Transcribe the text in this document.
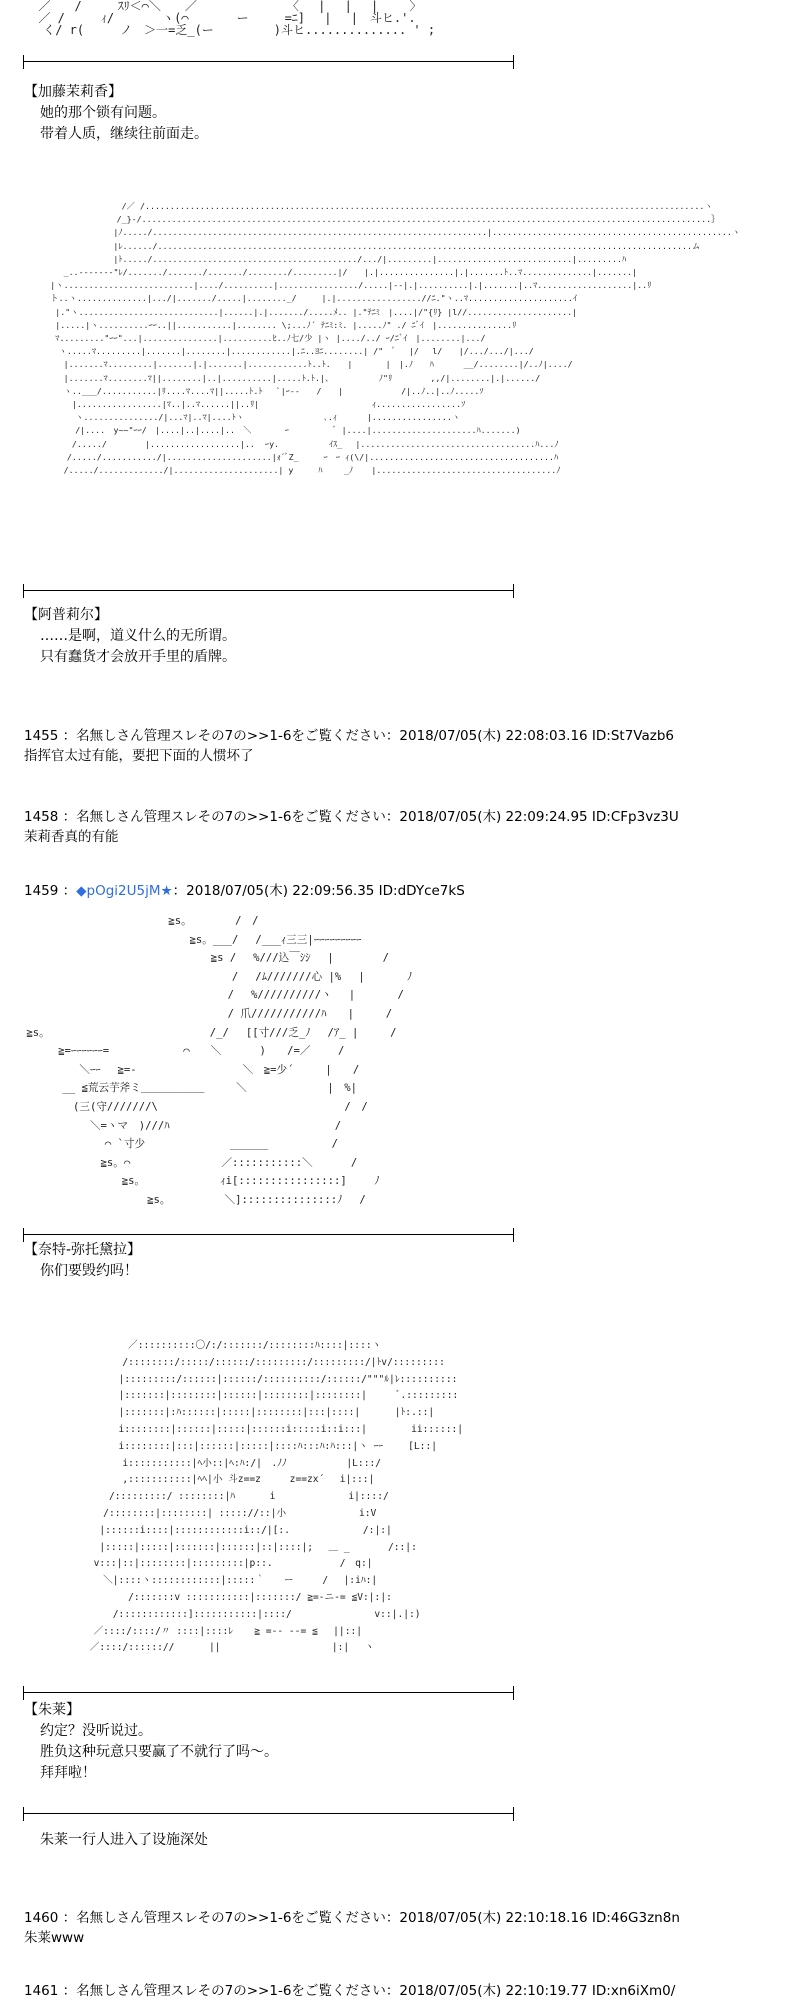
／　　/　　　ｽﾘ＜⌒＼　　／　　　　　　　　〈　 |　 |　 |　　 〉
／ /　　　ｨ/　　　　ヽ(⌒　　　　ー　　　=ﾆ] 　|　 |　斗ヒ.'.
　 く/ r(　　　ノ　＞一=乏_(ー　　　　　)斗ヒ.............. ' ;
【加藤茉莉香】
她的那个锁有问题。
带着人质，继续往前面走。
　　　　　　　　　 /／ /................................................................................................................ヽ
　　　　　　　　　/_}-/..................................................................................................................｝
　　　　　　　　 |ﾉ...../...................................................................|................................................ヽ
　　　　　　　　 |ﾚ....../...........................................................................................................ム
　　　　　　　　 |ﾄ...../........................................./.../|.........|...........................|.........ﾊ
　　 _..-----‐‐"ﾚ/......./......./......./......../.........|/　　|.|...............|.|.......ﾄ..ﾏ..............|.......|
　|ヽ..........................|..../..........|................/.....|‐‐|.|..........|.|.......|..ﾏ...................|..ﾘ
　ト..ヽ..............|.../|......./.....|........_/　　　|.|.................//ﾆ."ヽ..ﾏ.....................ｲ
　 |."ヽ............................|......|.|......./.....ﾒ.. |."ﾃﾆﾐ　|....|/"{ﾘ} |l//.....................|
　 |.....|ヽ..........ｰｰ..||...........|........ \;...ﾉ´ ﾃﾆﾐ:ﾐ. |.....ﾉ" ./ ﾆﾞｲ　|...............ﾘ
　 ﾏ........."ｰｰ"...|...............|..........ﾋ..ﾉ七/少 |ヽ |..../../ ｰ/ﾆﾞｲ　|........|.../
　　ヽ.....ﾏ.........|.......|........|............|.ﾆ..ﾖﾆ........| /"　ﾞ　 |/　 l/　　|/.../.../|.../
　　 |.......ﾏ.........|.......|.|.......|............ﾄ..ﾄ.　　|　　　　|　|.ﾉ　　ﾊ　　 　__/........|/..ﾉ|..../
　　 |.......ﾏ........ﾏ||........|..|..........|.....ﾄ.ﾄ.|、　　　　　　ﾉ"ﾘ　　　　 ,,/|........|.|....../
　　 ヽ..___/...........|ﾘ....ﾏ....ﾏ||.....ﾄ.ﾄ　 `|ｰ‐‐　　/　　|　　　　　　　/|..ﾉ..|..ﾉ.....ｿ
　　　 |.................|ﾏ..|..ﾏ......||..ﾘ|　　　　　　　　　　　　　 ｨ.................ｿ
　　　　ヽ.............../|...ﾏ|..ﾏ|....ﾄヽ　　　　　　　　　 ､.ｨ　　　 |................ヽ
　　　　/|....　y~~"ｰｰ/　|....|..|....|..　＼　　　　ｰ　　　　　 ﾞ |....|.....................ﾊ.......)
　　　 /...../　　　　 |..................|..  ｰy.　　　　　　ｲｽ_　 |...................................ﾊ...ﾉ
　　　/...../.........../|.....................|ｫ´ﾞZ_　　　ｰ　ｰ ｨ(\/|.....................................ﾊ
　　 /...../............./|.....................| y　　　ﾊ　　 _ﾉ 　 |....................................ﾉ
【阿普莉尔】
……是啊，道义什么的无所谓。
只有蠢货才会放开手里的盾牌。
1455 ：名無しさん管理スレその7の>>1-6をご覧ください：2018/07/05(木) 22:08:03.16 ID:St7Vazb6
指挥官太过有能，要把下面的人惯坏了
1458 ：名無しさん管理スレその7の>>1-6をご覧ください：2018/07/05(木) 22:09:24.95 ID:CFp3vz3U
茉莉香真的有能
1459 ：◆pOgi2U5jM★：2018/07/05(木) 22:09:56.35 ID:dDYce7kS
　　　　　　　　　　　　　　≧s。　　　　 /　/
　　　　　　　　　　　　　　　　≧s。___/　 /___ｨ三三|ｰｰｰｰｰｰｰｰｰ
　　　　　　　　　　　　　　　　　　≧s /　 %///込￣ｼｼ 　|　　　　 /
　　　　　　　　　　　　　　　　　　　　/　 /ﾑ///////心 |%　 |　　　　ﾉ
　　　　　　　　　　　　　　　　　　　 /　 %//////////ヽ　 |　　　　/
　　　　　　　　　　　　　　　　　　　 / 爪///////////ﾊ　　|　　　/
≧s。　　　　　　　　　　　　　　　 /_/　 [[寸///乏_ﾉ　 /ｱ_ |　　　/
　　　 ≧=ｰｰｰｰｰｰ=　　　　　　　⌒　　＼　　　 )　　/=／　　 /
　　　　　 ＼ｰｰ　 ≧=-　　　　　　　　　　＼　≧=少´　　　|　　/
　　　　__ ≦荒云芋斧ミ＿＿＿＿＿＿　　　＼　　　　　　　 |　%|
　　　　　(三(守///////\　　　　　　　　　　　　　　　　　 /　/
　　　　　　 ＼=ヽマ　)///ﾊ　　　　　　　　　　　　　　　 /
　　　　　　　　⌒ `寸少　　　　　　　　______　　　　　　/
　　　　　　　 ≧s。⌒　　　　　　　　 ／:::::::::::＼　　　 /
　　　　　　　　　 ≧s。　　　　　　　 ｨi[::::::::::::::::]　　 ﾉ
　　　　　　　　　　　　≧s。　　　　　 ＼]:::::::::::::::ﾉ　 /
【奈特-弥托黛拉】
你们要毁约吗！
　　　　 ／::::::::::〇/:/:::::::/::::::::ﾊ::::|::::ヽ
　　　　/::::::::/:::::/::::::/:::::::::/:::::::::/|ﾄv/:::::::::
　　　 |:::::::::/::::::|::::::/::::::::::/::::::/"""ﾙ|ﾚ::::::::::
　　　 |:::::::|::::::::|::::::|::::::::|::::::::|　　　ﾞ.:::::::::
　　　 |:::::::|:ﾊ::::::|:::::|::::::::|:::|::::|　　　 |ﾄ:.::|
　　　 i::::::::|::::::|:::::|::::::i:::::i::i:::|　　　　 ii::::::|
　　　 i::::::::|:::|::::::|:::::|::::ﾊ:::ﾊ:ﾊ:::|ヽ ｰｰ　　 [L::|
　　　　i:::::::::::|ﾍ小::|ﾍ:ﾊ:/|　.ﾉﾉ　　　　 　 |L:::/
　　　　,:::::::::::|ﾍﾍ|小 斗z==z　　　z==zx´　 i|:::|
　　 /:::::::::/ ::::::::|ﾊ　　　 i　　　　　　　 i|::::/
　　/::::::::|::::::::| ::::://::|小　　　　　　　 i:V
　 |::::::i::::|::::::::::::i::/|[:.　　　　　　　 /:|:|
　 |:::::|:::::|:::::::|::::::|::|::::|;　 ＿ _　　　　/::|:
　v:::|::|::::::::|:::::::::|p::.　　　　　　　/　q:|
　　＼|::::ヽ::::::::::::|:::::｀　　ー　　　/　 |:iﾊ:|
　　　　 /:::::::v :::::::::::|:::::::/ ≧=-ニ-= ≦V:|:|:
　　　/::::::::::::]:::::::::::|::::/　　　　　　　　 v::|.|:)
　／::::/::::/〃 ::::|::::ﾚ 　 ≧ =-- --= ≦　 ||::|
／::::/:::::://　　　 ||　　　　　　　　　　　 |:|　 ヽ
【朱莱】
约定？没听说过。
胜负这种玩意只要赢了不就行了吗〜。
拜拜啦！
朱莱一行人进入了设施深处
1460 ：名無しさん管理スレその7の>>1-6をご覧ください：2018/07/05(木) 22:10:18.16 ID:46G3zn8n
朱莱www
1461 ：名無しさん管理スレその7の>>1-6をご覧ください：2018/07/05(木) 22:10:19.77 ID:xn6iXm0/
